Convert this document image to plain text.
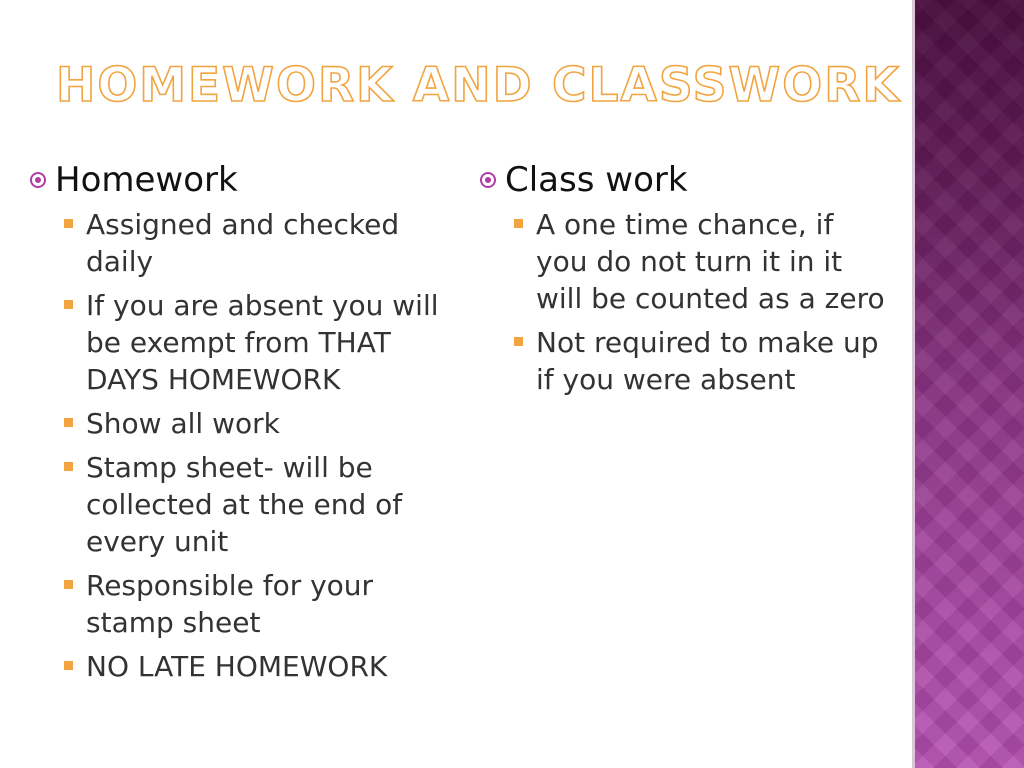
HOMEWORK AND CLASSWORK
Homework
Assigned and checked daily
If you are absent you will be exempt from THAT DAYS HOMEWORK
Show all work
Stamp sheet- will be collected at the end of every unit
Responsible for your stamp sheet
NO LATE HOMEWORK
Class work
A one time chance, if you do not turn it in it will be counted as a zero
Not required to make up if you were absent
